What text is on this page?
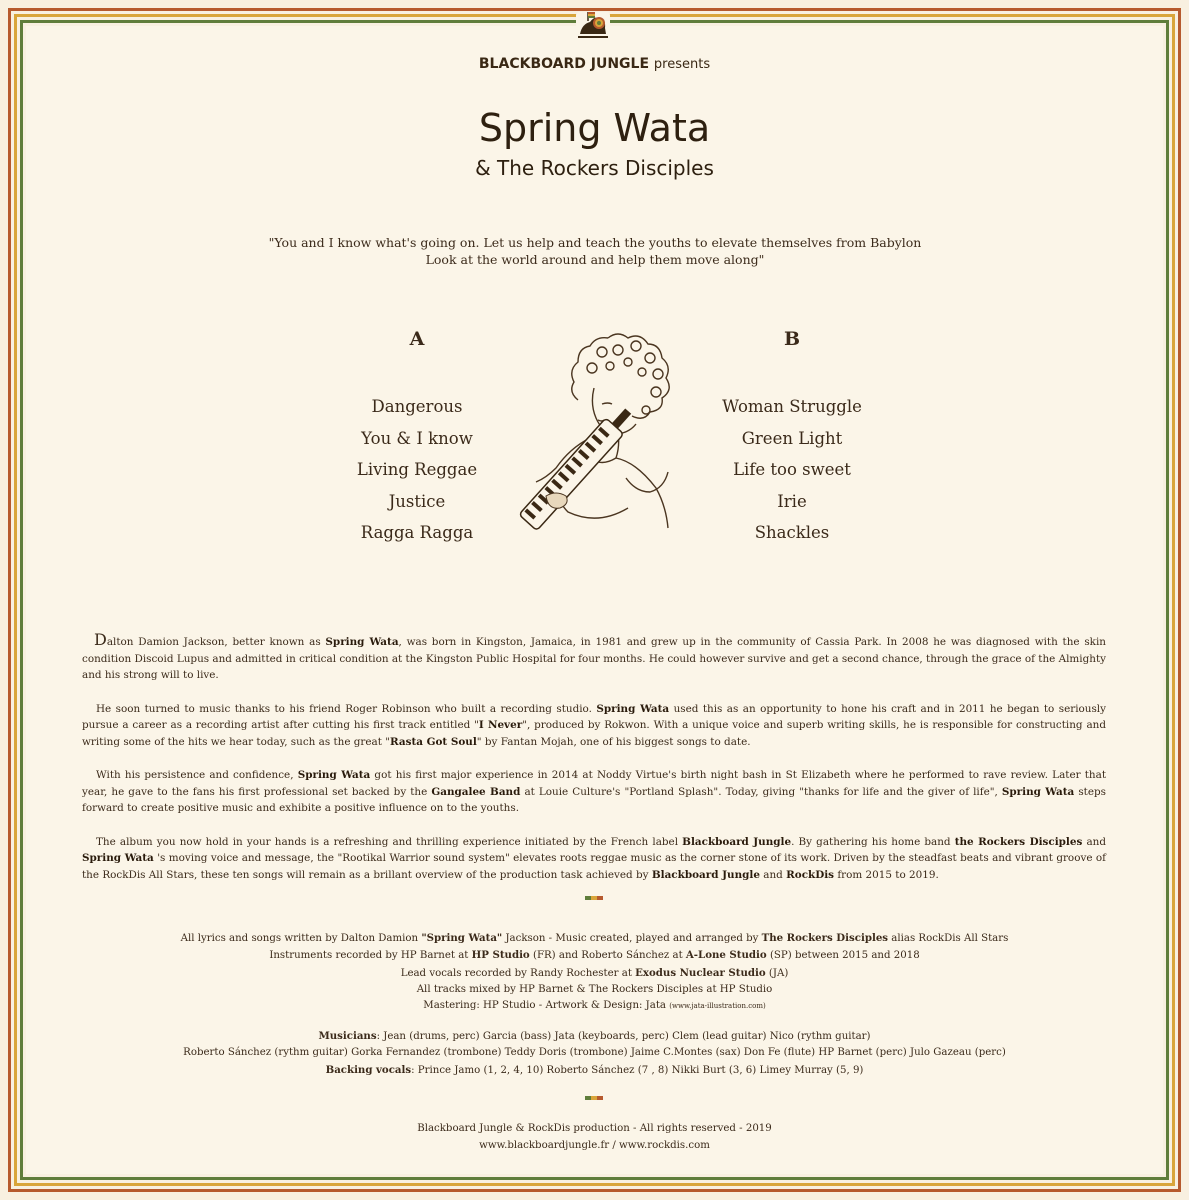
BLACKBOARD JUNGLE presents
Spring Wata
& The Rockers Disciples
"You and I know what's going on. Let us help and teach the youths to elevate themselves from Babylon
Look at the world around and help them move along"
A	B
Dangerous
You & I know
Living Reggae
Justice
Ragga Ragga
Woman Struggle
Green Light
Life too sweet
Irie
Shackles

Dalton Damion Jackson, better known as Spring Wata, was born in Kingston, Jamaica, in 1981 and grew up in the community of Cassia Park. In 2008 he was diagnosed with the skin condition Discoid Lupus and admitted in critical condition at the Kingston Public Hospital for four months. He could however survive and get a second chance, through the grace of the Almighty and his strong will to live.

He soon turned to music thanks to his friend Roger Robinson who built a recording studio. Spring Wata used this as an opportunity to hone his craft and in 2011 he began to seriously pursue a career as a recording artist after cutting his first track entitled "I Never", produced by Rokwon. With a unique voice and superb writing skills, he is responsible for constructing and writing some of the hits we hear today, such as the great "Rasta Got Soul" by Fantan Mojah, one of his biggest songs to date.

With his persistence and confidence, Spring Wata got his first major experience in 2014 at Noddy Virtue's birth night bash in St Elizabeth where he performed to rave review. Later that year, he gave to the fans his first professional set backed by the Gangalee Band at Louie Culture's "Portland Splash". Today, giving "thanks for life and the giver of life", Spring Wata steps forward to create positive music and exhibite a positive influence on to the youths.

The album you now hold in your hands is a refreshing and thrilling experience initiated by the French label Blackboard Jungle. By gathering his home band the Rockers Disciples and Spring Wata 's moving voice and message, the "Rootikal Warrior sound system" elevates roots reggae music as the corner stone of its work. Driven by the steadfast beats and vibrant groove of the RockDis All Stars, these ten songs will remain as a brillant overview of the production task achieved by Blackboard Jungle and RockDis from 2015 to 2019.

All lyrics and songs written by Dalton Damion "Spring Wata" Jackson - Music created, played and arranged by The Rockers Disciples alias RockDis All Stars
Instruments recorded by HP Barnet at HP Studio (FR) and Roberto Sánchez at A-Lone Studio (SP) between 2015 and 2018
Lead vocals recorded by Randy Rochester at Exodus Nuclear Studio (JA)
All tracks mixed by HP Barnet & The Rockers Disciples at HP Studio
Mastering: HP Studio - Artwork & Design: Jata (www.jata-illustration.com)
Musicians: Jean (drums, perc) Garcia (bass) Jata (keyboards, perc) Clem (lead guitar) Nico (rythm guitar)
Roberto Sánchez (rythm guitar) Gorka Fernandez (trombone) Teddy Doris (trombone) Jaime C.Montes (sax) Don Fe (flute) HP Barnet (perc) Julo Gazeau (perc)
Backing vocals: Prince Jamo (1, 2, 4, 10) Roberto Sánchez (7 , 8) Nikki Burt (3, 6) Limey Murray (5, 9)
Blackboard Jungle & RockDis production - All rights reserved - 2019
www.blackboardjungle.fr / www.rockdis.com
